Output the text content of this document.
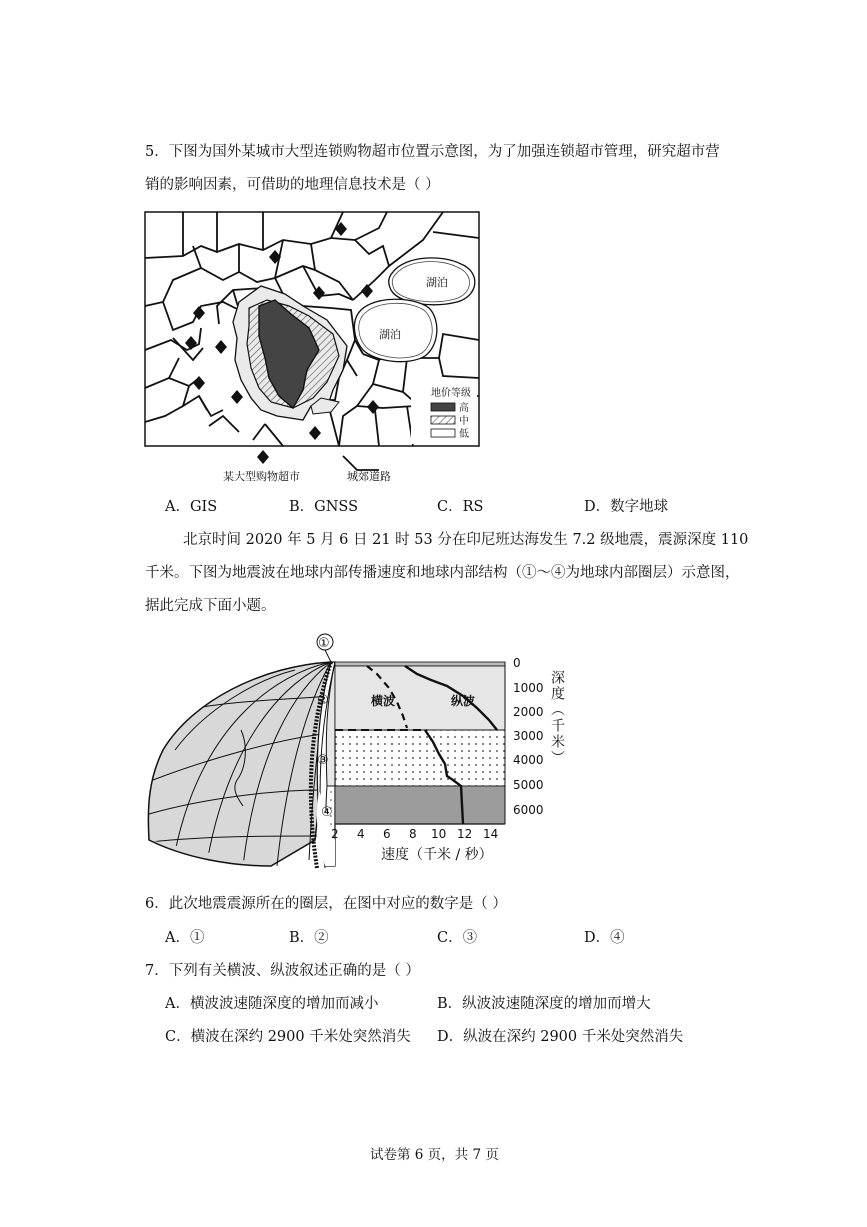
5．下图为国外某城市大型连锁购物超市位置示意图，为了加强连锁超市管理，研究超市营
销的影响因素，可借助的地理信息技术是（ ）
湖泊
湖泊
地价等级
高
中
低
某大型购物超市	城郊道路
A．GIS	B．GNSS	C．RS	D．数字地球
北京时间 2020 年 5 月 6 日 21 时 53 分在印尼班达海发生 7.2 级地震，震源深度 110
千米。下图为地震波在地球内部传播速度和地球内部结构（①～④为地球内部圈层）示意图，
据此完成下面小题。
横波	纵波
0
1000
2000
3000
4000
5000
6000
深度（千米）
2 4 6 8 10 12 14
速度（千米 / 秒）
①
②
③
④
6．此次地震震源所在的圈层，在图中对应的数字是（ ）
A．①	B．②	C．③	D．④
7．下列有关横波、纵波叙述正确的是（ ）
A．横波波速随深度的增加而减小	B．纵波波速随深度的增加而增大
C．横波在深约 2900 千米处突然消失 D．纵波在深约 2900 千米处突然消失
试卷第 6 页，共 7 页
